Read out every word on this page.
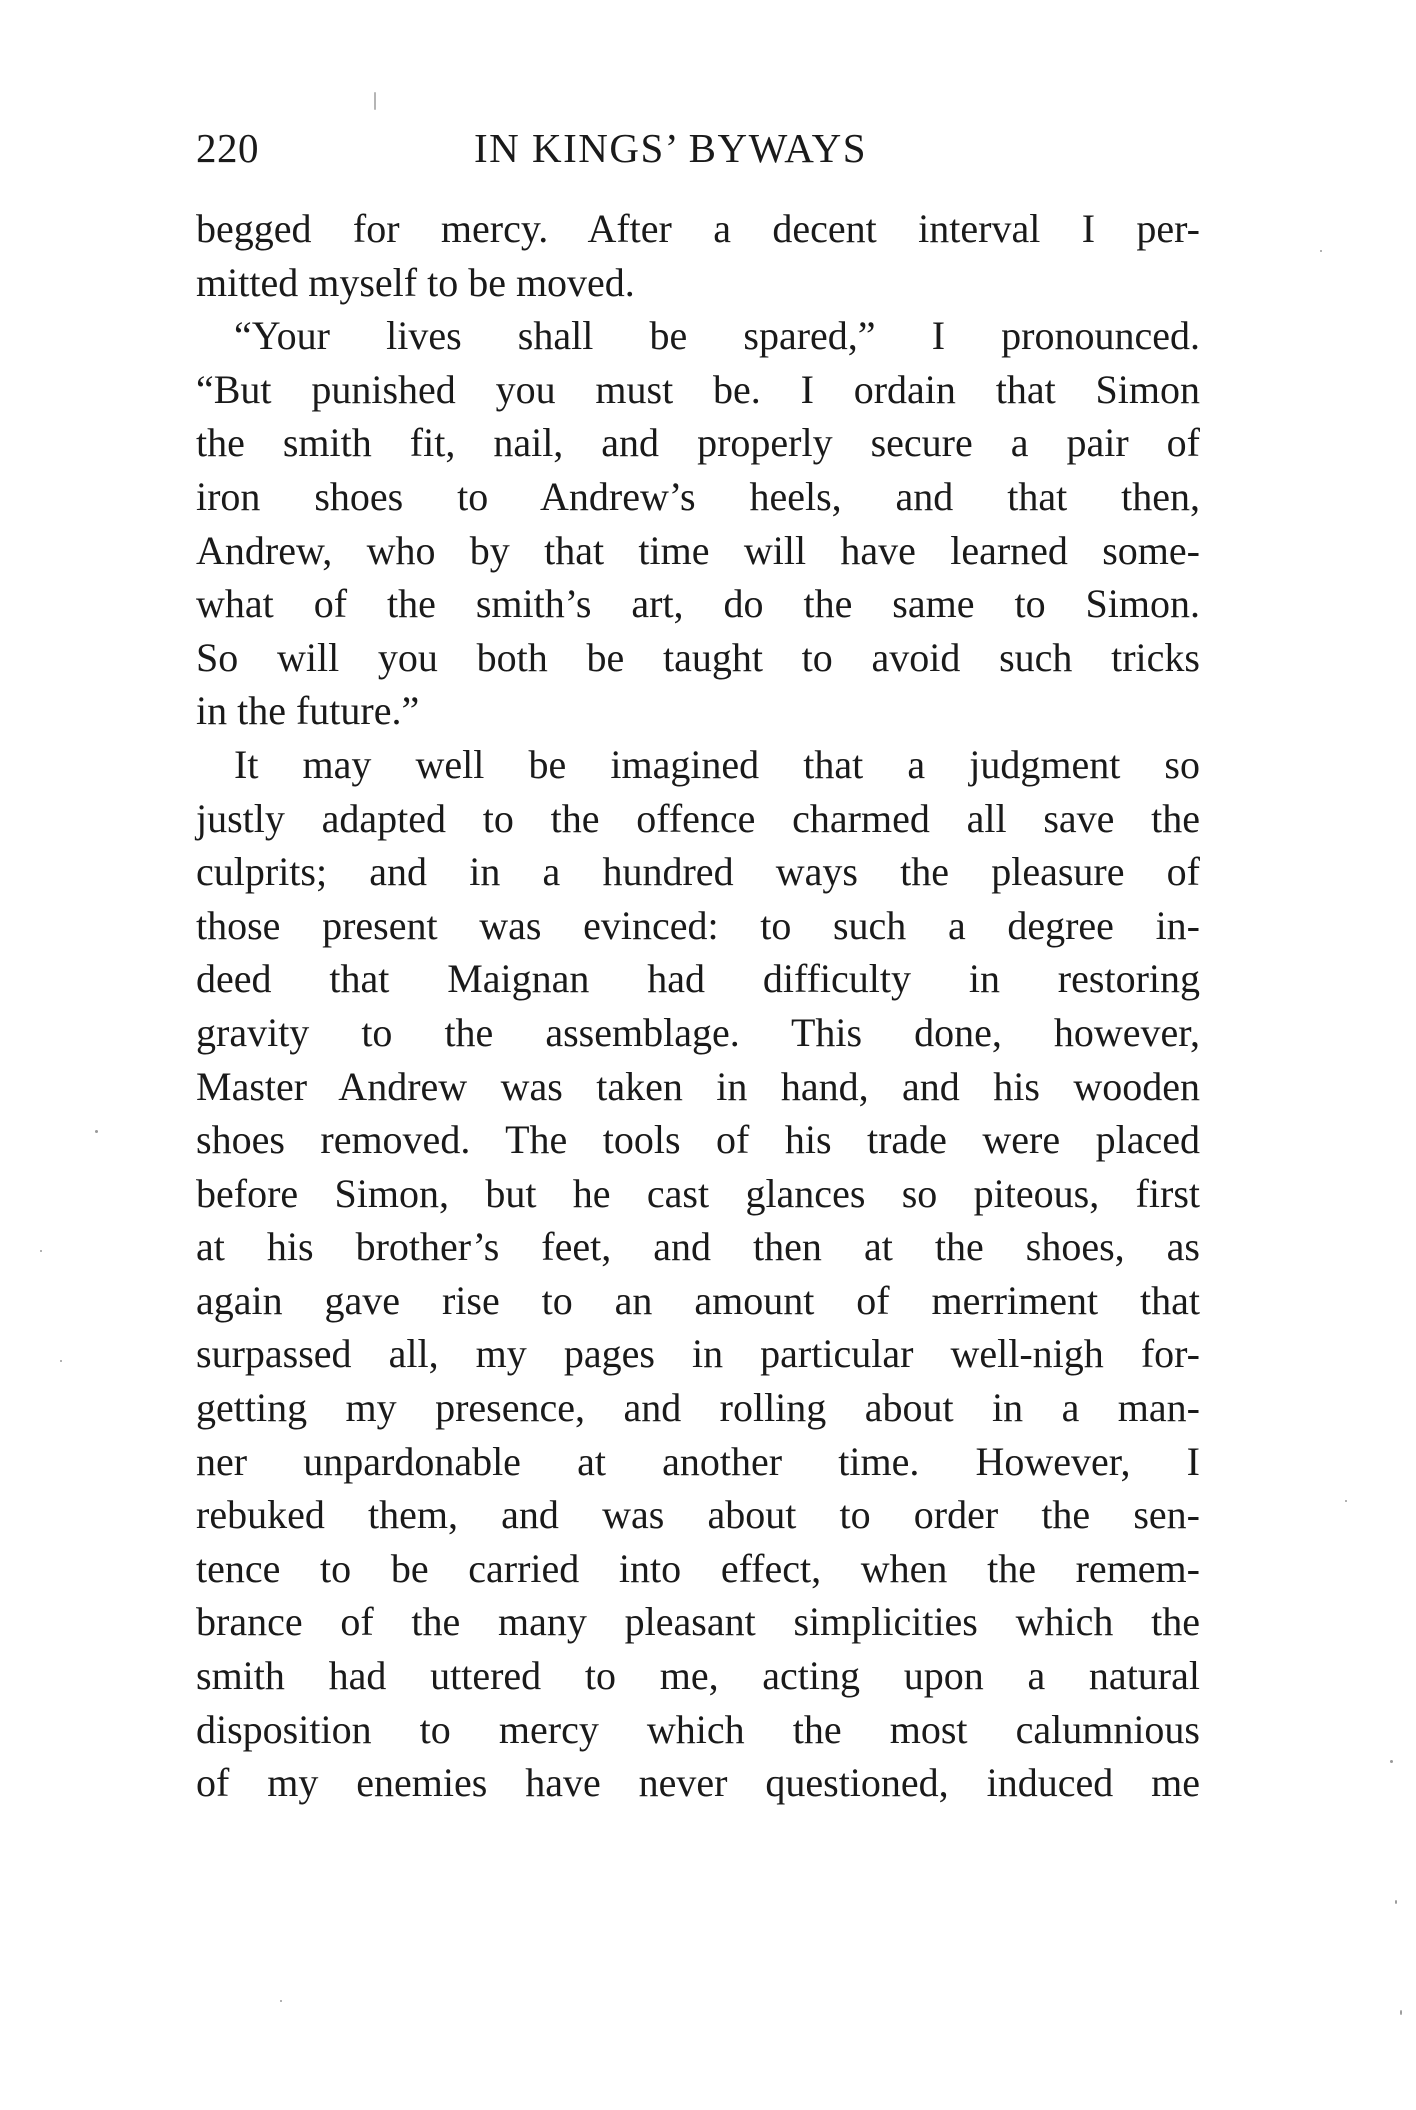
220	IN KINGS’ BYWAYS
begged for mercy. After a decent interval I per-
mitted myself to be moved.
“Your lives shall be spared,” I pronounced.
“But punished you must be. I ordain that Simon
the smith fit, nail, and properly secure a pair of
iron shoes to Andrew’s heels, and that then,
Andrew, who by that time will have learned some-
what of the smith’s art, do the same to Simon.
So will you both be taught to avoid such tricks
in the future.”
It may well be imagined that a judgment so
justly adapted to the offence charmed all save the
culprits; and in a hundred ways the pleasure of
those present was evinced: to such a degree in-
deed that Maignan had difficulty in restoring
gravity to the assemblage. This done, however,
Master Andrew was taken in hand, and his wooden
shoes removed. The tools of his trade were placed
before Simon, but he cast glances so piteous, first
at his brother’s feet, and then at the shoes, as
again gave rise to an amount of merriment that
surpassed all, my pages in particular well-nigh for-
getting my presence, and rolling about in a man-
ner unpardonable at another time. However, I
rebuked them, and was about to order the sen-
tence to be carried into effect, when the remem-
brance of the many pleasant simplicities which the
smith had uttered to me, acting upon a natural
disposition to mercy which the most calumnious
of my enemies have never questioned, induced me
